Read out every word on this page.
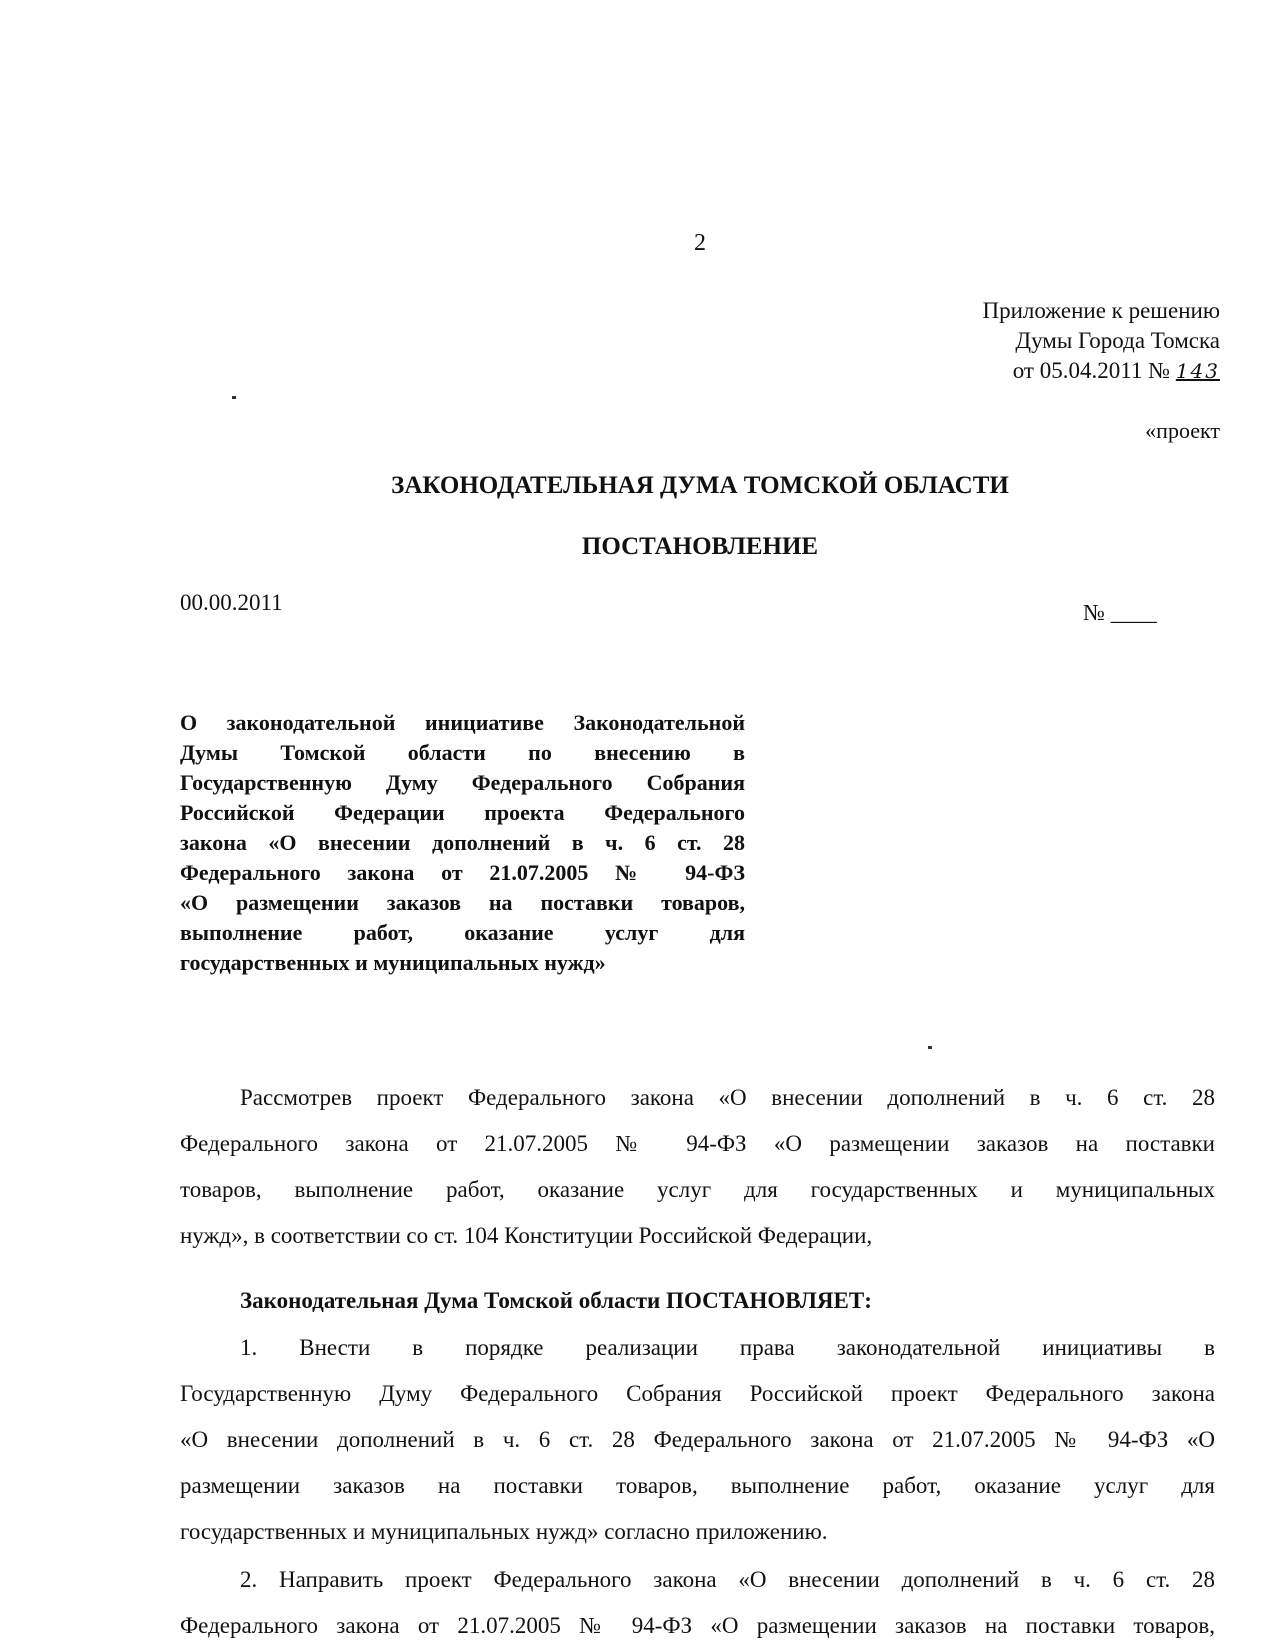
2
Приложение к решению
Думы Города Томска
от 05.04.2011 № 143
«проект
ЗАКОНОДАТЕЛЬНАЯ ДУМА ТОМСКОЙ ОБЛАСТИ
ПОСТАНОВЛЕНИЕ
00.00.2011	№ ____
О законодательной инициативе Законодательной
Думы Томской области по внесению в
Государственную Думу Федерального Собрания
Российской Федерации проекта Федерального
закона «О внесении дополнений в ч. 6 ст. 28
Федерального закона от 21.07.2005 № 94-ФЗ
«О размещении заказов на поставки товаров,
выполнение работ, оказание услуг для
государственных и муниципальных нужд»
Рассмотрев проект Федерального закона «О внесении дополнений в ч. 6 ст. 28
Федерального закона от 21.07.2005 № 94-ФЗ «О размещении заказов на поставки
товаров, выполнение работ, оказание услуг для государственных и муниципальных
нужд», в соответствии со ст. 104 Конституции Российской Федерации,
Законодательная Дума Томской области ПОСТАНОВЛЯЕТ:
1. Внести в порядке реализации права законодательной инициативы в
Государственную Думу Федерального Собрания Российской проект Федерального закона
«О внесении дополнений в ч. 6 ст. 28 Федерального закона от 21.07.2005 № 94-ФЗ «О
размещении заказов на поставки товаров, выполнение работ, оказание услуг для
государственных и муниципальных нужд» согласно приложению.
2. Направить проект Федерального закона «О внесении дополнений в ч. 6 ст. 28
Федерального закона от 21.07.2005 № 94-ФЗ «О размещении заказов на поставки товаров,
